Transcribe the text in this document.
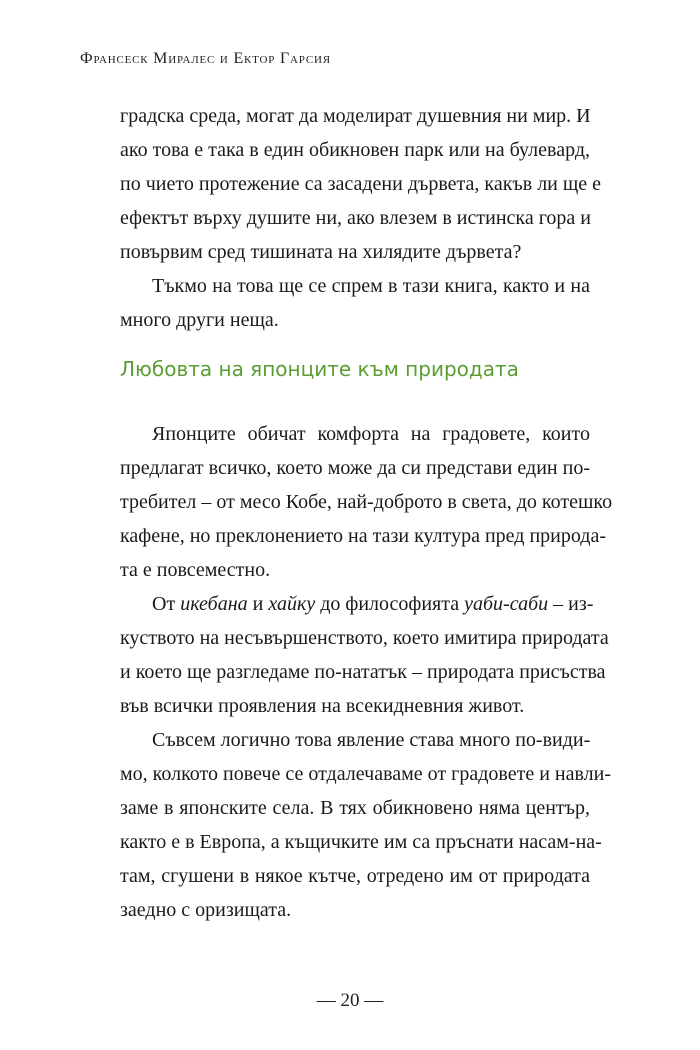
Франсеск Миралес и Ектор Гарсия
градска среда, могат да моделират душевния ни мир. И
ако това е така в един обикновен парк или на булевард,
по чието протежение са засадени дървета, какъв ли ще е
ефектът върху душите ни, ако влезем в истинска гора и
повървим сред тишината на хилядите дървета?
Тъкмо на това ще се спрем в тази книга, както и на
много други неща.
Любовта на японците към природата
Японците обичат комфорта на градовете, които
предлагат всичко, което може да си представи един по-
требител – от месо Кобе, най-доброто в света, до котешко
кафене, но преклонението на тази култура пред природа-
та е повсеместно.
От икебана и хайку до философията уаби-саби – из-
куството на несъвършенството, което имитира природата
и което ще разгледаме по-нататък – природата присъства
във всички проявления на всекидневния живот.
Съвсем логично това явление става много по-види-
мо, колкото повече се отдалечаваме от градовете и навли-
заме в японските села. В тях обикновено няма център,
както е в Европа, а къщичките им са пръснати насам-на-
там, сгушени в някое кътче, отредено им от природата
заедно с оризищата.
— 20 —
